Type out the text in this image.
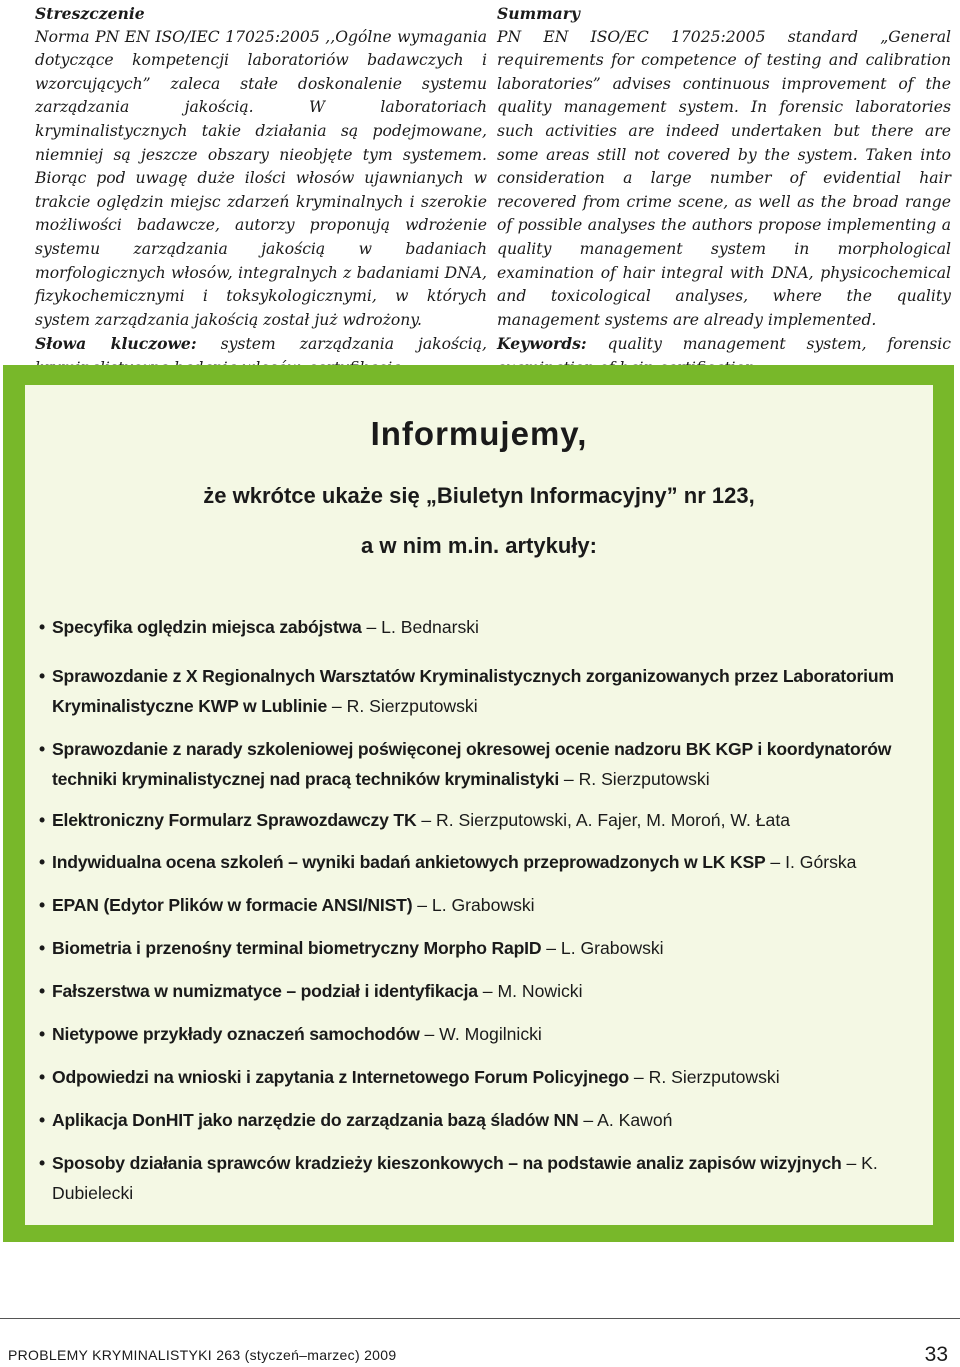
Streszczenie

Norma PN EN ISO/IEC 17025:2005 ,,Ogólne wymagania dotyczące kompetencji laboratoriów badawczych i wzorcujących” zaleca stałe doskonalenie systemu zarządzania jakością. W laboratoriach kryminalistycznych takie działania są podejmowane, niemniej są jeszcze obszary nieobjęte tym systemem. Biorąc pod uwagę duże ilości włosów ujawnianych w trakcie oględzin miejsc zdarzeń kryminalnych i szerokie możliwości badawcze, autorzy proponują wdrożenie systemu zarządzania jakością w badaniach morfologicznych włosów, integralnych z badaniami DNA, fizykochemicznymi i toksykologicznymi, w których system zarządzania jakością został już wdrożony.

Słowa kluczowe: system zarządzania jakością,

Summary

PN EN ISO/EC 17025:2005 standard „General requirements for competence of testing and calibration laboratories” advises continuous improvement of the quality management system. In forensic laboratories such activities are indeed undertaken but there are some areas still not covered by the system. Taken into consideration a large number of evidential hair recovered from crime scene, as well as the broad range of possible analyses the authors propose implementing a quality management system in morphological examination of hair integral with DNA, physicochemical and toxicological analyses, where the quality management systems are already implemented.

Keywords: quality management system, forensic

Informujemy,
że wkrótce ukaże się „Biuletyn Informacyjny” nr 123,
a w nim m.in. artykuły:
• Specyfika oględzin miejsca zabójstwa – L. Bednarski
• Sprawozdanie z X Regionalnych Warsztatów Kryminalistycznych zorganizowanych przez Laboratorium Kryminalistyczne KWP w Lublinie – R. Sierzputowski
• Sprawozdanie z narady szkoleniowej poświęconej okresowej ocenie nadzoru BK KGP i koordynatorów techniki kryminalistycznej nad pracą techników kryminalistyki – R. Sierzputowski
• Elektroniczny Formularz Sprawozdawczy TK – R. Sierzputowski, A. Fajer, M. Moroń, W. Łata
• Indywidualna ocena szkoleń – wyniki badań ankietowych przeprowadzonych w LK KSP – I. Górska
• EPAN (Edytor Plików w formacie ANSI/NIST) – L. Grabowski
• Biometria i przenośny terminal biometryczny Morpho RapID – L. Grabowski
• Fałszerstwa w numizmatyce – podział i identyfikacja – M. Nowicki
• Nietypowe przykłady oznaczeń samochodów – W. Mogilnicki
• Odpowiedzi na wnioski i zapytania z Internetowego Forum Policyjnego – R. Sierzputowski
• Aplikacja DonHIT jako narzędzie do zarządzania bazą śladów NN – A. Kawoń
• Sposoby działania sprawców kradzieży kieszonkowych – na podstawie analiz zapisów wizyjnych – K. Dubielecki
PROBLEMY KRYMINALISTYKI 263 (styczeń–marzec) 2009	33
